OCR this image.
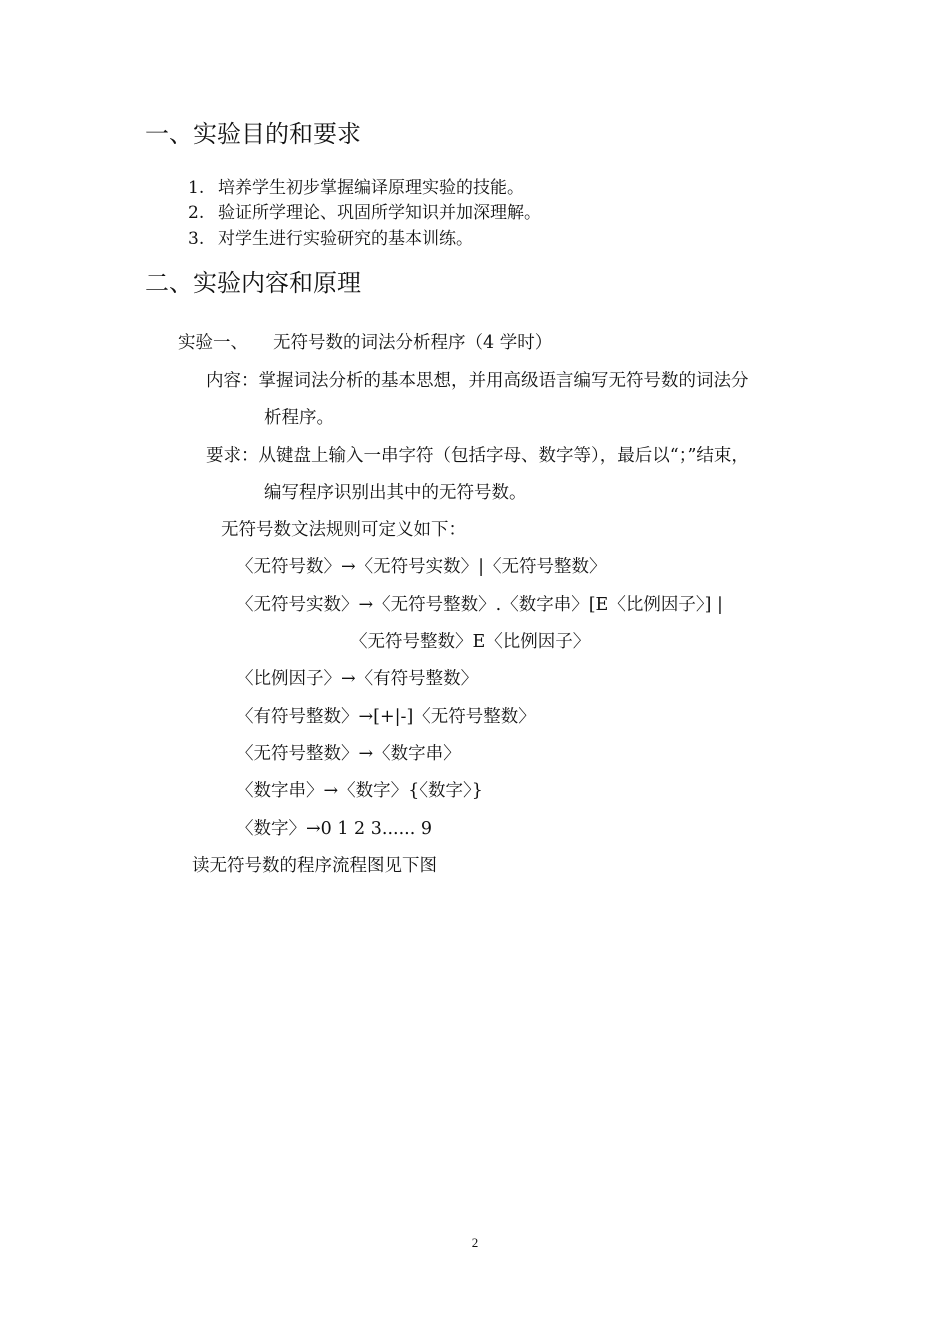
一、实验目的和要求
1. 培养学生初步掌握编译原理实验的技能。
2. 验证所学理论、巩固所学知识并加深理解。
3. 对学生进行实验研究的基本训练。
二、实验内容和原理
实验一、 无符号数的词法分析程序（4 学时）
内容：掌握词法分析的基本思想，并用高级语言编写无符号数的词法分
析程序。
要求：从键盘上输入一串字符（包括字母、数字等），最后以“；”结束，
编写程序识别出其中的无符号数。
无符号数文法规则可定义如下：
〈无符号数〉→〈无符号实数〉|〈无符号整数〉
〈无符号实数〉→〈无符号整数〉.〈数字串〉[E〈比例因子〉] |
〈无符号整数〉E〈比例因子〉
〈比例因子〉→〈有符号整数〉
〈有符号整数〉→[+|-]〈无符号整数〉
〈无符号整数〉→〈数字串〉
〈数字串〉→〈数字〉{〈数字〉}
〈数字〉→0 1 2 3...... 9
读无符号数的程序流程图见下图
2
